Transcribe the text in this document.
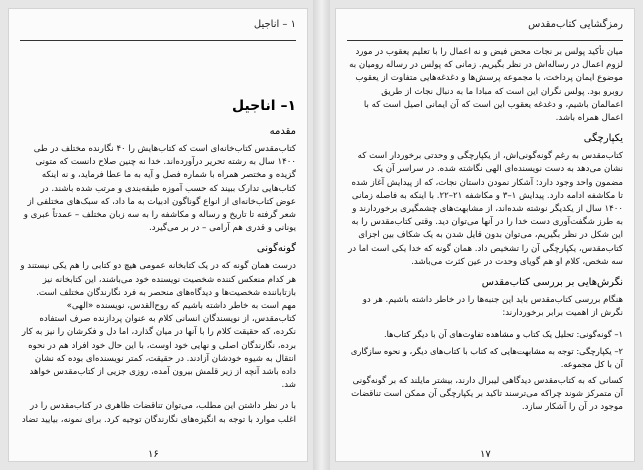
۱ – اناجیل
۱– اناجیل
مقدمه

کتاب‌مقدس کتاب‌خانه‌ای است که کتاب‌هایش را ۴۰ نگارنده مختلف در طی ۱۴۰۰ سال به رشته تحریر درآورده‌اند. خدا نه چنین صلاح دانست که متونی گزیده و مختصر همراه با شماره فصل و آیه به ما عطا فرماید، و نه اینکه کتاب‌هایی تدارک ببیند که حسب آموزه طبقه‌بندی و مرتب شده باشند. در عوض کتاب‌خانه‌ای از انواع گوناگون ادبیات به ما داد، که سبک‌های مختلفی از شعر گرفته تا تاریخ و رساله و مکاشفه را به سه زبان مختلف – عمدتاً عبری و یونانی و قدری هم آرامی – در بر می‌گیرد.

گونه‌گونی

درست همان گونه که در یک کتابخانه عمومی هیچ دو کتابی را هم یکی نیستند و هر کدام منعکس کننده شخصیت نویسنده خود می‌باشند، این کتابخانه نیز بازتاباننده شخصیت‌ها و دیدگاه‌های منحصر به فرد نگارندگان مختلف است. مهم است به خاطر داشته باشیم که روح‌القدس، نویسنده «الهی» کتاب‌مقدس، از نویسندگان انسانی کلام به عنوان پردازنده صرف استفاده نکرده، که حقیقت کلام را با آنها در میان گذارد، اما دل و فکرشان را نیز به کار برده، نگارندگان اصلی و نهایی خود اوست، با این حال خود افراد هم در نحوه انتقال به شیوه خودشان آزادند. در حقیقت، کمتر نویسنده‌ای بوده که نشان داده باشد آنچه از زیر قلمش بیرون آمده، روزی جزیی از کتاب‌مقدس خواهد شد.

با در نظر داشتن این مطلب، می‌توان تناقضات ظاهری در کتاب‌مقدس را در اغلب موارد با توجه به انگیزه‌های نگارندگان توجیه کرد. برای نمونه، بیایید تضاد

۱۶
رمزگشایی کتاب‌مقدس

میان تأکید پولس بر نجات محض فیض و نه اعمال را با تعلیم یعقوب در مورد لزوم اعمال در رساله‌اش در نظر بگیریم. زمانی که پولس در رساله رومیان به موضوع ایمان پرداخت، با مجموعه پرسش‌ها و دغدغه‌هایی متفاوت از یعقوب روبرو بود. پولس نگران این است که مبادا ما به دنبال نجات از طریق اعمالمان باشیم، و دغدغه یعقوب این است که آن ایمانی اصیل است که با اعمال همراه باشد.

یکپارچگی

کتاب‌مقدس به رغم گونه‌گونی‌اش، از یکپارچگی و وحدتی برخوردار است که نشان می‌دهد به دست نویسنده‌ای الهی نگاشته شده. در سراسر آن یک مضمون واحد وجود دارد: آشکار نمودن داستان نجات، که از پیدایش آغاز شده تا مکاشفه ادامه دارد. پیدایش ۱–۳ و مکاشفه ۲۱–۲۲. با اینکه به فاصله زمانی ۱۴۰۰ سال از یکدیگر نوشته شده‌اند، از مشابهت‌های چشمگیری برخوردارند و به طرز شگفت‌آوری دست خدا را در آنها می‌توان دید. وقتی کتاب‌مقدس را به این شکل در نظر بگیریم، می‌توان بدون قایل شدن به یک شکاف بین اجزای کتاب‌مقدس، یکپارچگی آن را تشخیص داد. همان گونه که خدا یکی است اما در سه شخص، کلام او هم گویای وحدت در عین کثرت می‌باشد.

نگرش‌هایی بر بررسی کتاب‌مقدس

هنگام بررسی کتاب‌مقدس باید این جنبه‌ها را در خاطر داشته باشیم. هر دو نگرش از اهمیت برابر برخوردارند:

۱– گونه‌گونی: تحلیل یک کتاب و مشاهده تفاوت‌های آن با دیگر کتاب‌ها.

۲– یکپارچگی: توجه به مشابهت‌هایی که کتاب با کتاب‌های دیگر، و نحوه سازگاری آن با کل مجموعه.

کسانی که به کتاب‌مقدس دیدگاهی لیبرال دارند، بیشتر مایلند که بر گونه‌گونی آن متمرکز شوند چراکه می‌ترسند تاکید بر یکپارچگی آن ممکن است تناقضات موجود در آن را آشکار سازد.

۱۷
